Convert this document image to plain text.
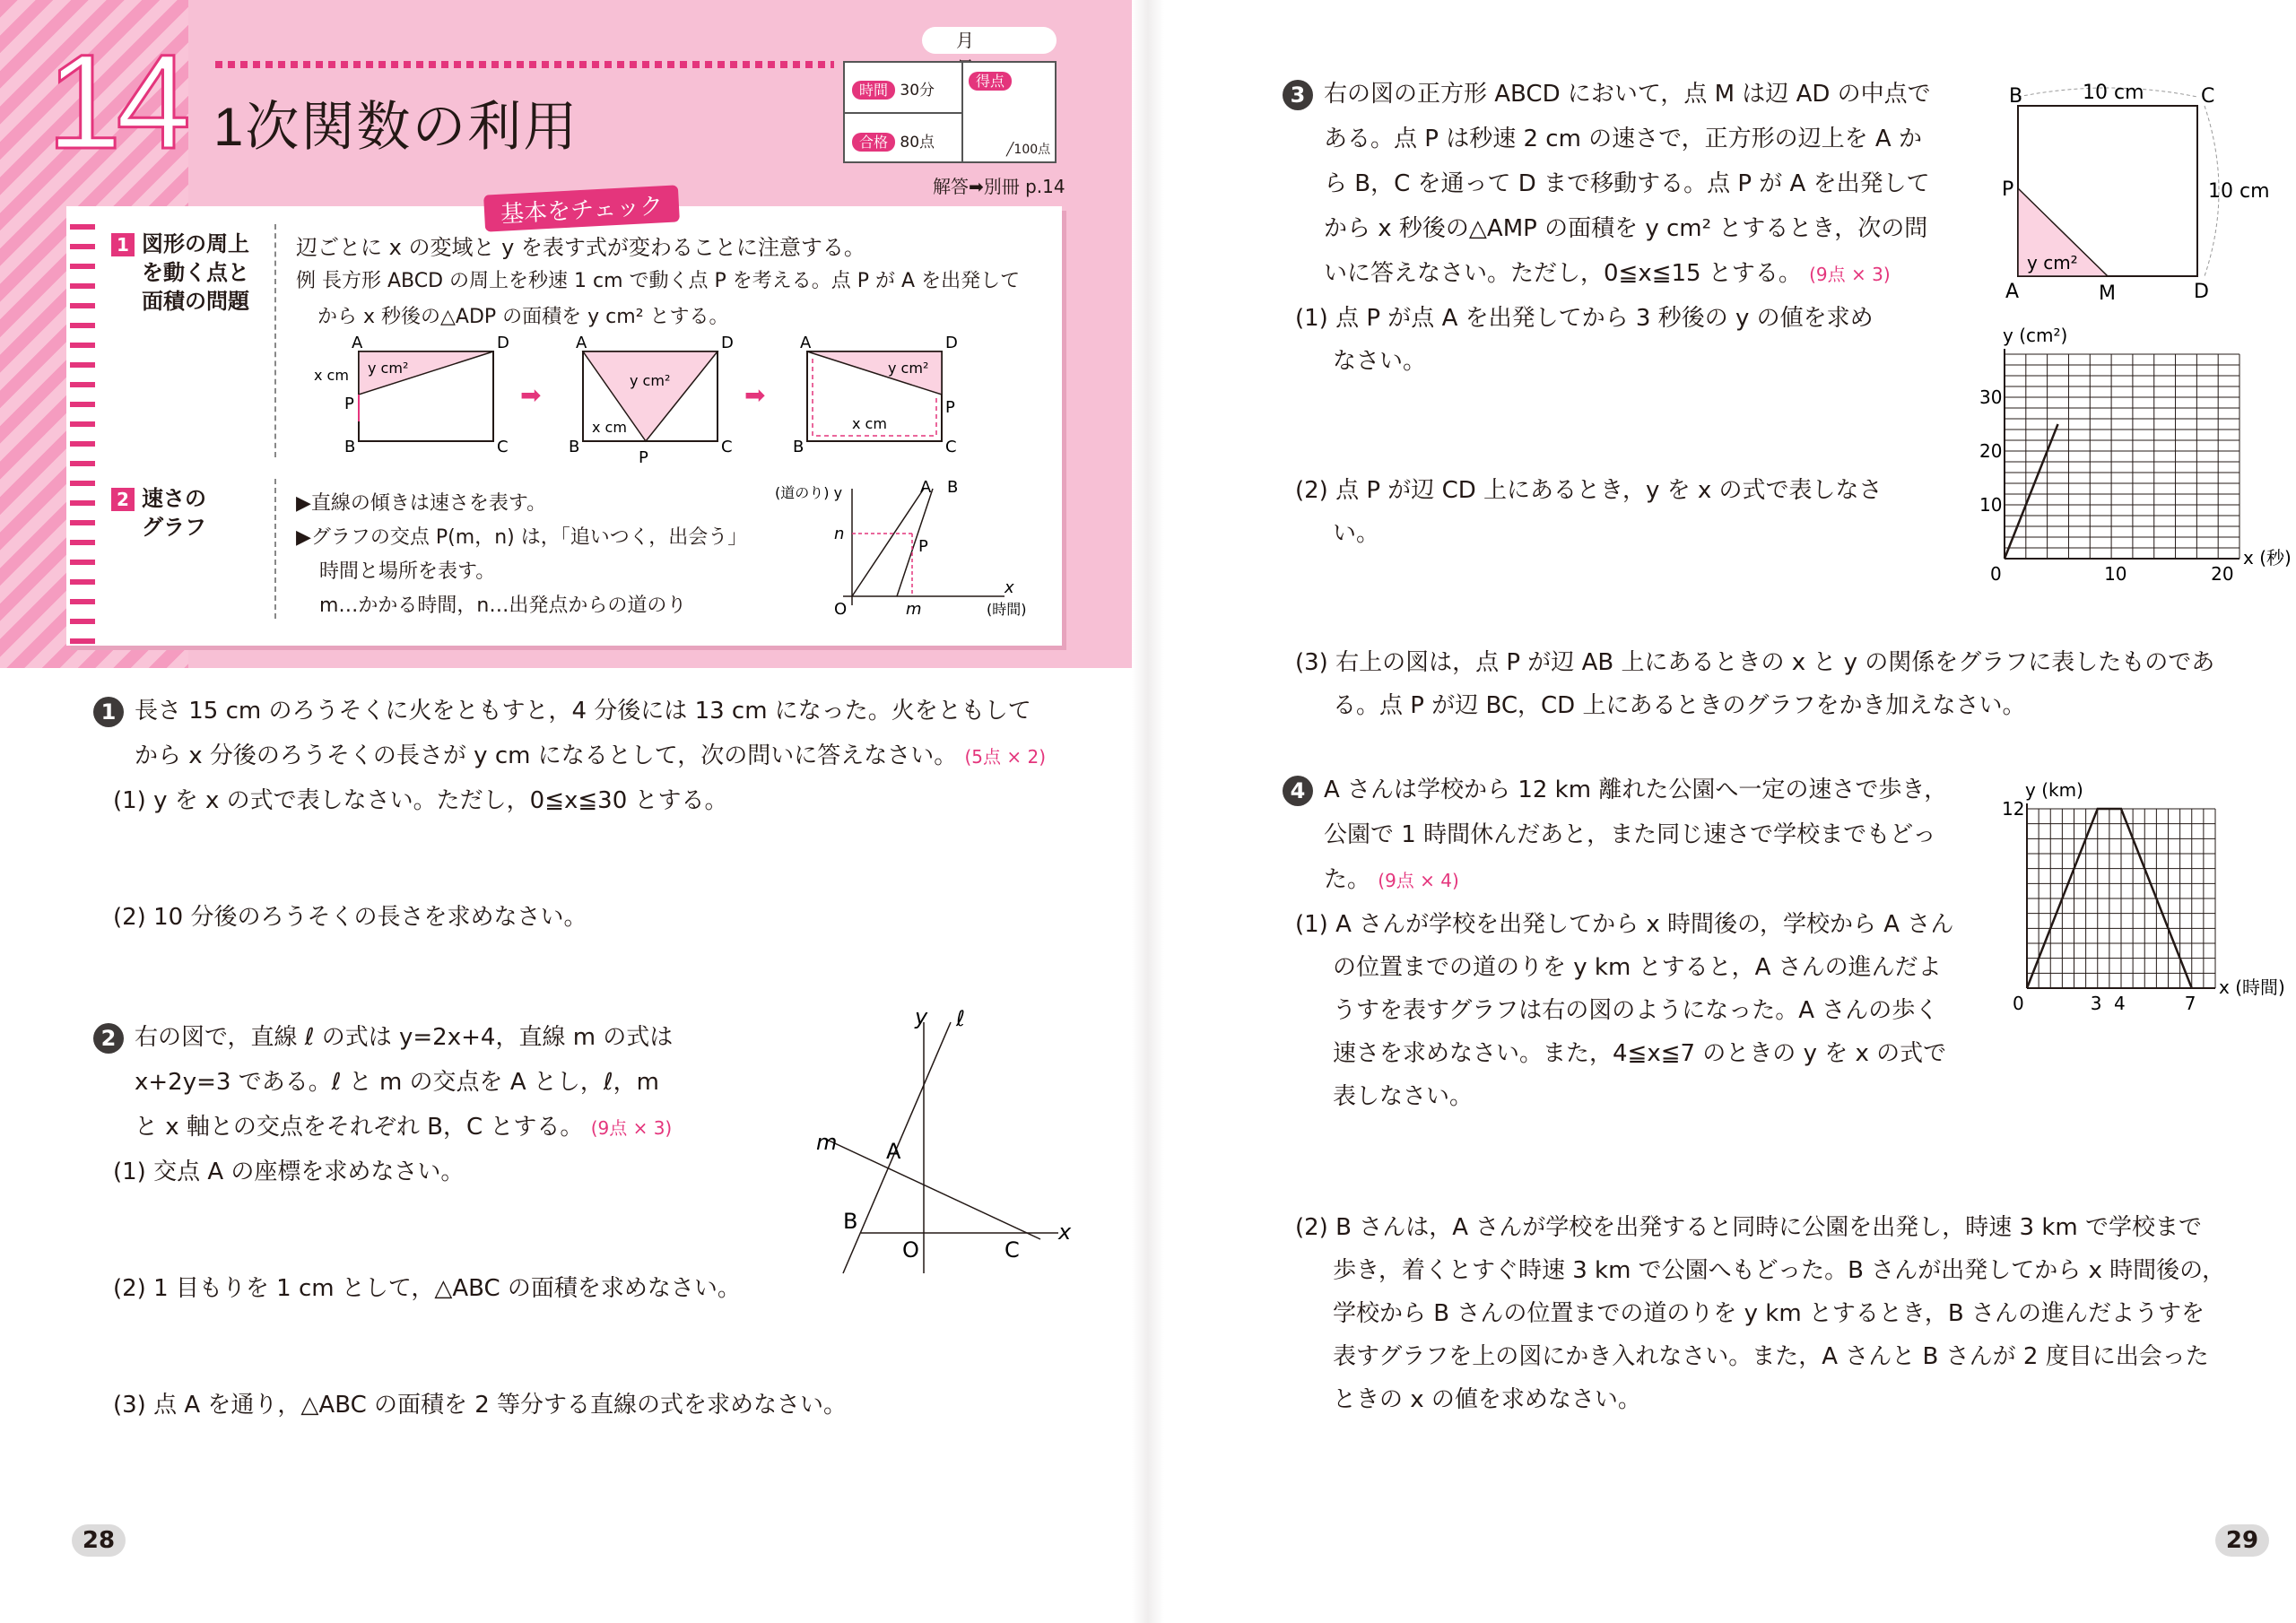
14 1次関数の利用
月
時間 30分
合格 80点
得点
╱100点
解答➡別冊 p.14
基本をチェック
1 図形の周上
を動く点と
面積の問題
辺ごとに x の変域と y を表す式が変わることに注意する。
例 長方形 ABCD の周上を秒速 1 cm で動く点 P を考える。点 P が A を出発して
から x 秒後の△ADP の面積を y cm² とする。
A	D
B	C
P
y cm²
x cm
➡
A	D
B	C
P
y cm²
x cm
➡
A	D
B	C
P
y cm²
x cm
2 速さの
グラフ
▶直線の傾きは速さを表す。
▶グラフの交点 P(m，n) は，「追いつく，出会う」
時間と場所を表す。
m…かかる時間，n…出発点からの道のり
(道のり) y	A B
n
P
O	m
x
(時間)
1 長さ 15 cm のろうそくに火をともすと，4 分後には 13 cm になった。火をともして
から x 分後のろうそくの長さが y cm になるとして，次の問いに答えなさい。 (5点 × 2)
(1) y を x の式で表しなさい。ただし，0≦x≦30 とする。
(2) 10 分後のろうそくの長さを求めなさい。
2 右の図で，直線 ℓ の式は y=2x+4，直線 m の式は
x+2y=3 である。ℓ と m の交点を A とし，ℓ，m
と x 軸との交点をそれぞれ B，C とする。 (9点 × 3)
(1) 交点 A の座標を求めなさい。
(2) 1 目もりを 1 cm として，△ABC の面積を求めなさい。
(3) 点 A を通り，△ABC の面積を 2 等分する直線の式を求めなさい。
y ℓ
m A
B
O	C
x
28
3 右の図の正方形 ABCD において，点 M は辺 AD の中点で
ある。点 P は秒速 2 cm の速さで，正方形の辺上を A か
ら B，C を通って D まで移動する。点 P が A を出発して
から x 秒後の△AMP の面積を y cm² とするとき，次の問
いに答えなさい。ただし，0≦x≦15 とする。 (9点 × 3)
(1) 点 P が点 A を出発してから 3 秒後の y の値を求め
なさい。
(2) 点 P が辺 CD 上にあるとき，y を x の式で表しなさ
い。
(3) 右上の図は，点 P が辺 AB 上にあるときの x と y の関係をグラフに表したものであ
る。点 P が辺 BC，CD 上にあるときのグラフをかき加えなさい。
B	C
10 cm
10 cm
P
A	M	D
y cm²
0	10	20
10
20
30
y (cm²)
x (秒)
4 A さんは学校から 12 km 離れた公園へ一定の速さで歩き，
公園で 1 時間休んだあと，また同じ速さで学校までもどっ
た。 (9点 × 4)
(1) A さんが学校を出発してから x 時間後の，学校から A さん
の位置までの道のりを y km とすると，A さんの進んだよ
うすを表すグラフは右の図のようになった。A さんの歩く
速さを求めなさい。また，4≦x≦7 のときの y を x の式で
表しなさい。
(2) B さんは，A さんが学校を出発すると同時に公園を出発し，時速 3 km で学校まで
歩き，着くとすぐ時速 3 km で公園へもどった。B さんが出発してから x 時間後の，
学校から B さんの位置までの道のりを y km とするとき，B さんの進んだようすを
表すグラフを上の図にかき入れなさい。また，A さんと B さんが 2 度目に出会った
ときの x の値を求めなさい。
0	3 4	7
12
y (km)
x (時間)
29
